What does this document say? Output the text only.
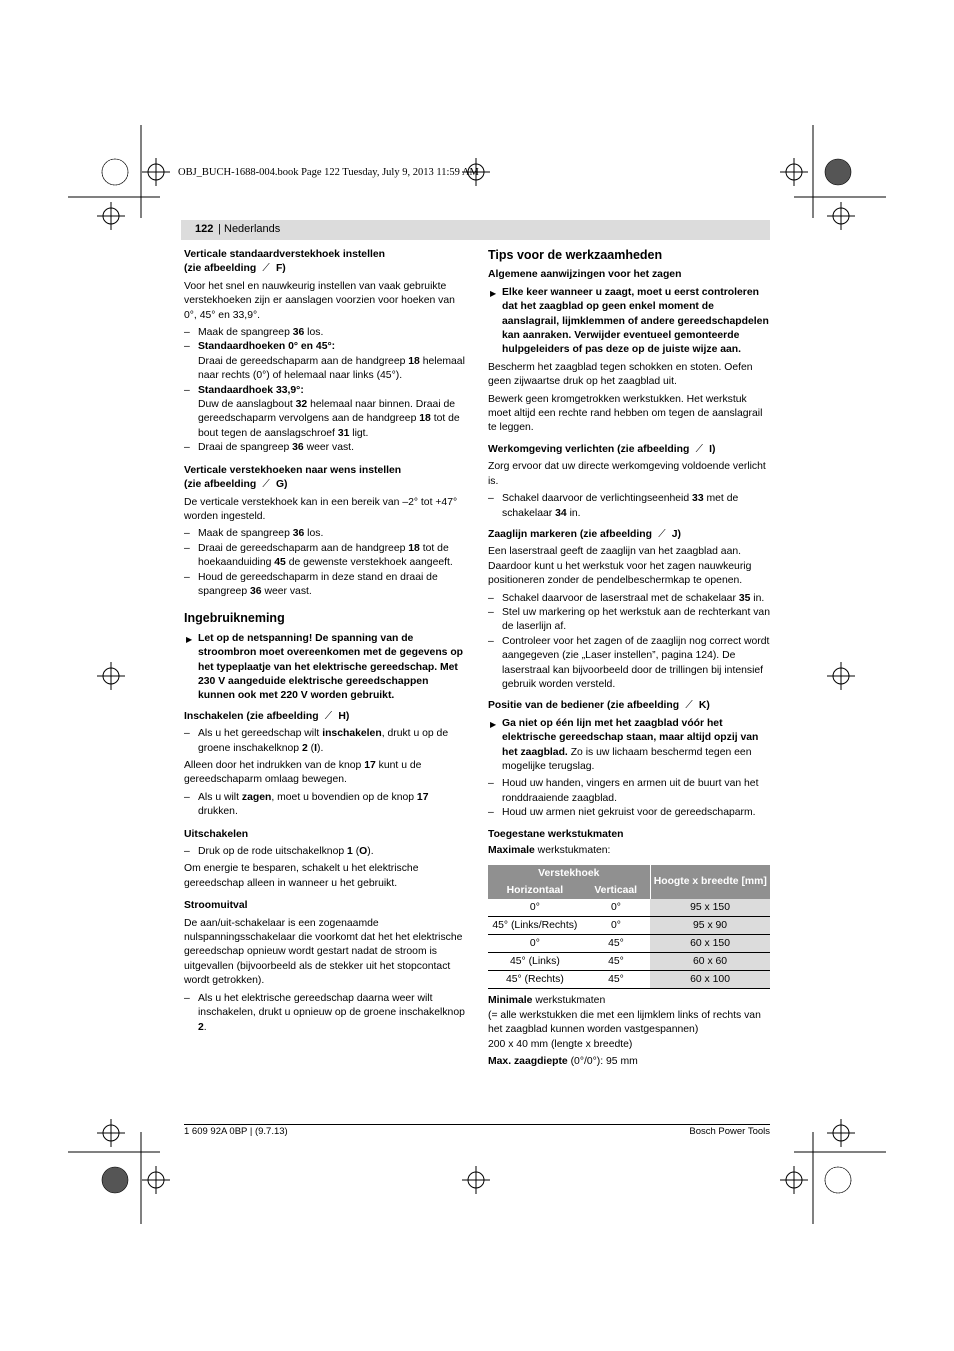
OBJ_BUCH-1688-004.book Page 122 Tuesday, July 9, 2013 11:59 AM
122 | Nederlands

Verticale standaardverstekhoek instellen
(zie afbeelding ⟋ F)

Voor het snel en nauwkeurig instellen van vaak gebruikte verstekhoeken zijn er aanslagen voorzien voor hoeken van 0°, 45° en 33,9°.

– Maak de spangreep 36 los.
– Standaardhoeken 0° en 45°:
Draai de gereedschaparm aan de handgreep 18 helemaal naar rechts (0°) of helemaal naar links (45°).
– Standaardhoek 33,9°:
Duw de aanslagbout 32 helemaal naar binnen. Draai de gereedschaparm vervolgens aan de handgreep 18 tot de bout tegen de aanslagschroef 31 ligt.
– Draai de spangreep 36 weer vast.

Verticale verstekhoeken naar wens instellen
(zie afbeelding ⟋ G)

De verticale verstekhoek kan in een bereik van –2° tot +47° worden ingesteld.

– Maak de spangreep 36 los.
– Draai de gereedschaparm aan de handgreep 18 tot de hoekaanduiding 45 de gewenste verstekhoek aangeeft.
– Houd de gereedschaparm in deze stand en draai de spangreep 36 weer vast.

Ingebruikneming

▶ Let op de netspanning! De spanning van de stroombron moet overeenkomen met de gegevens op het typeplaatje van het elektrische gereedschap. Met 230 V aangeduide elektrische gereedschappen kunnen ook met 220 V worden gebruikt.

Inschakelen (zie afbeelding ⟋ H)

– Als u het gereedschap wilt inschakelen, drukt u op de groene inschakelknop 2 (I).

Alleen door het indrukken van de knop 17 kunt u de gereedschaparm omlaag bewegen.

– Als u wilt zagen, moet u bovendien op de knop 17 drukken.

Uitschakelen

– Druk op de rode uitschakelknop 1 (O).

Om energie te besparen, schakelt u het elektrische gereedschap alleen in wanneer u het gebruikt.

Stroomuitval

De aan/uit-schakelaar is een zogenaamde nulspanningsschakelaar die voorkomt dat het het elektrische gereedschap opnieuw wordt gestart nadat de stroom is uitgevallen (bijvoorbeeld als de stekker uit het stopcontact wordt getrokken).

– Als u het elektrische gereedschap daarna weer wilt inschakelen, drukt u opnieuw op de groene inschakelknop 2.

Tips voor de werkzaamheden

Algemene aanwijzingen voor het zagen

▶ Elke keer wanneer u zaagt, moet u eerst controleren dat het zaagblad op geen enkel moment de aanslagrail, lijmklemmen of andere gereedschapdelen kan aanraken. Verwijder eventueel gemonteerde hulpgeleiders of pas deze op de juiste wijze aan.

Bescherm het zaagblad tegen schokken en stoten. Oefen geen zijwaartse druk op het zaagblad uit.

Bewerk geen kromgetrokken werkstukken. Het werkstuk moet altijd een rechte rand hebben om tegen de aanslagrail te leggen.

Werkomgeving verlichten (zie afbeelding ⟋ I)

Zorg ervoor dat uw directe werkomgeving voldoende verlicht is.

– Schakel daarvoor de verlichtingseenheid 33 met de schakelaar 34 in.

Zaaglijn markeren (zie afbeelding ⟋ J)

Een laserstraal geeft de zaaglijn van het zaagblad aan. Daardoor kunt u het werkstuk voor het zagen nauwkeurig positioneren zonder de pendelbeschermkap te openen.

– Schakel daarvoor de laserstraal met de schakelaar 35 in.
– Stel uw markering op het werkstuk aan de rechterkant van de laserlijn af.
– Controleer voor het zagen of de zaaglijn nog correct wordt aangegeven (zie „Laser instellen”, pagina 124). De laserstraal kan bijvoorbeeld door de trillingen bij intensief gebruik worden versteld.

Positie van de bediener (zie afbeelding ⟋ K)

▶ Ga niet op één lijn met het zaagblad vóór het elektrische gereedschap staan, maar altijd opzij van het zaagblad. Zo is uw lichaam beschermd tegen een mogelijke terugslag.
– Houd uw handen, vingers en armen uit de buurt van het ronddraaiende zaagblad.
– Houd uw armen niet gekruist voor de gereedschaparm.

Toegestane werkstukmaten

Maximale werkstukmaten:

Verstekhoek		Hoogte x breedte [mm]
Horizontaal	Verticaal	
0°	0°	95 x 150
45° (Links/Rechts)	0°	95 x 90
0°	45°	60 x 150
45° (Links)	45°	60 x 60
45° (Rechts)	45°	60 x 100

Minimale werkstukmaten

(= alle werkstukken die met een lijmklem links of rechts van het zaagblad kunnen worden vastgespannen)

200 x 40 mm (lengte x breedte)

Max. zaagdiepte (0°/0°): 95 mm

1 609 92A 0BP | (9.7.13)	Bosch Power Tools
